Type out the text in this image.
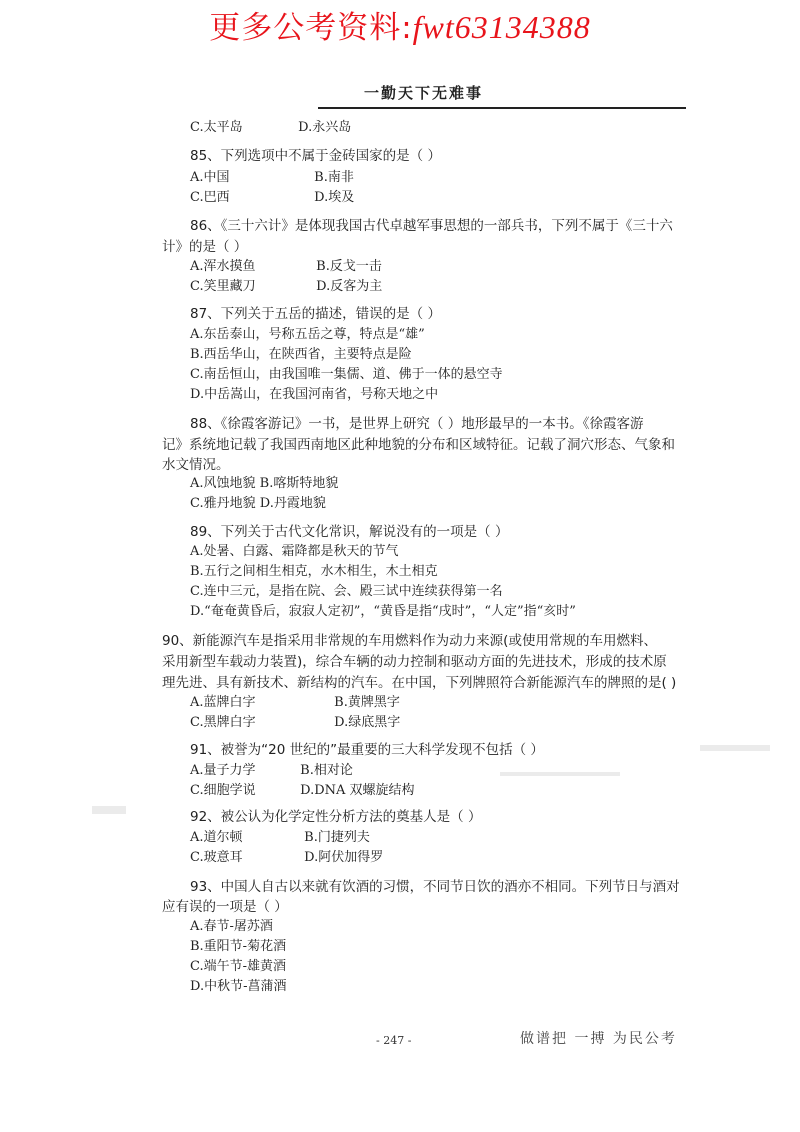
更多公考资料:fwt63134388
一勤天下无难事
C.太平岛	D.永兴岛
85、下列选项中不属于金砖国家的是（ ）
A.中国	B.南非
C.巴西	D.埃及
86、《三十六计》是体现我国古代卓越军事思想的一部兵书，下列不属于《三十六
计》的是（ ）
A.浑水摸鱼	B.反戈一击
C.笑里藏刀	D.反客为主
87、下列关于五岳的描述，错误的是（ ）
A.东岳泰山，号称五岳之尊，特点是“雄”
B.西岳华山，在陕西省，主要特点是险
C.南岳恒山，由我国唯一集儒、道、佛于一体的悬空寺
D.中岳嵩山，在我国河南省，号称天地之中
88、《徐霞客游记》一书，是世界上研究（ ）地形最早的一本书。《徐霞客游
记》系统地记载了我国西南地区此种地貌的分布和区域特征。记载了洞穴形态、气象和
水文情况。
A.风蚀地貌 B.喀斯特地貌
C.雅丹地貌 D.丹霞地貌
89、下列关于古代文化常识，解说没有的一项是（ ）
A.处暑、白露、霜降都是秋天的节气
B.五行之间相生相克，水木相生，木土相克
C.连中三元，是指在院、会、殿三试中连续获得第一名
D.“奄奄黄昏后，寂寂人定初”，“黄昏是指“戌时”，“人定”指“亥时”
90、新能源汽车是指采用非常规的车用燃料作为动力来源(或使用常规的车用燃料、
采用新型车载动力装置)，综合车辆的动力控制和驱动方面的先进技术，形成的技术原
理先进、具有新技术、新结构的汽车。在中国，下列牌照符合新能源汽车的牌照的是( )
A.蓝牌白字	B.黄牌黑字
C.黑牌白字	D.绿底黑字
91、被誉为“20 世纪的”最重要的三大科学发现不包括（ ）
A.量子力学	B.相对论
C.细胞学说	D.DNA 双螺旋结构
92、被公认为化学定性分析方法的奠基人是（ ）
A.道尔顿	B.门捷列夫
C.玻意耳	D.阿伏加得罗
93、中国人自古以来就有饮酒的习惯，不同节日饮的酒亦不相同。下列节日与酒对
应有误的一项是（ ）
A.春节-屠苏酒
B.重阳节-菊花酒
C.端午节-雄黄酒
D.中秋节-菖蒲酒
- 247 -	做谱把 一搏 为民公考
